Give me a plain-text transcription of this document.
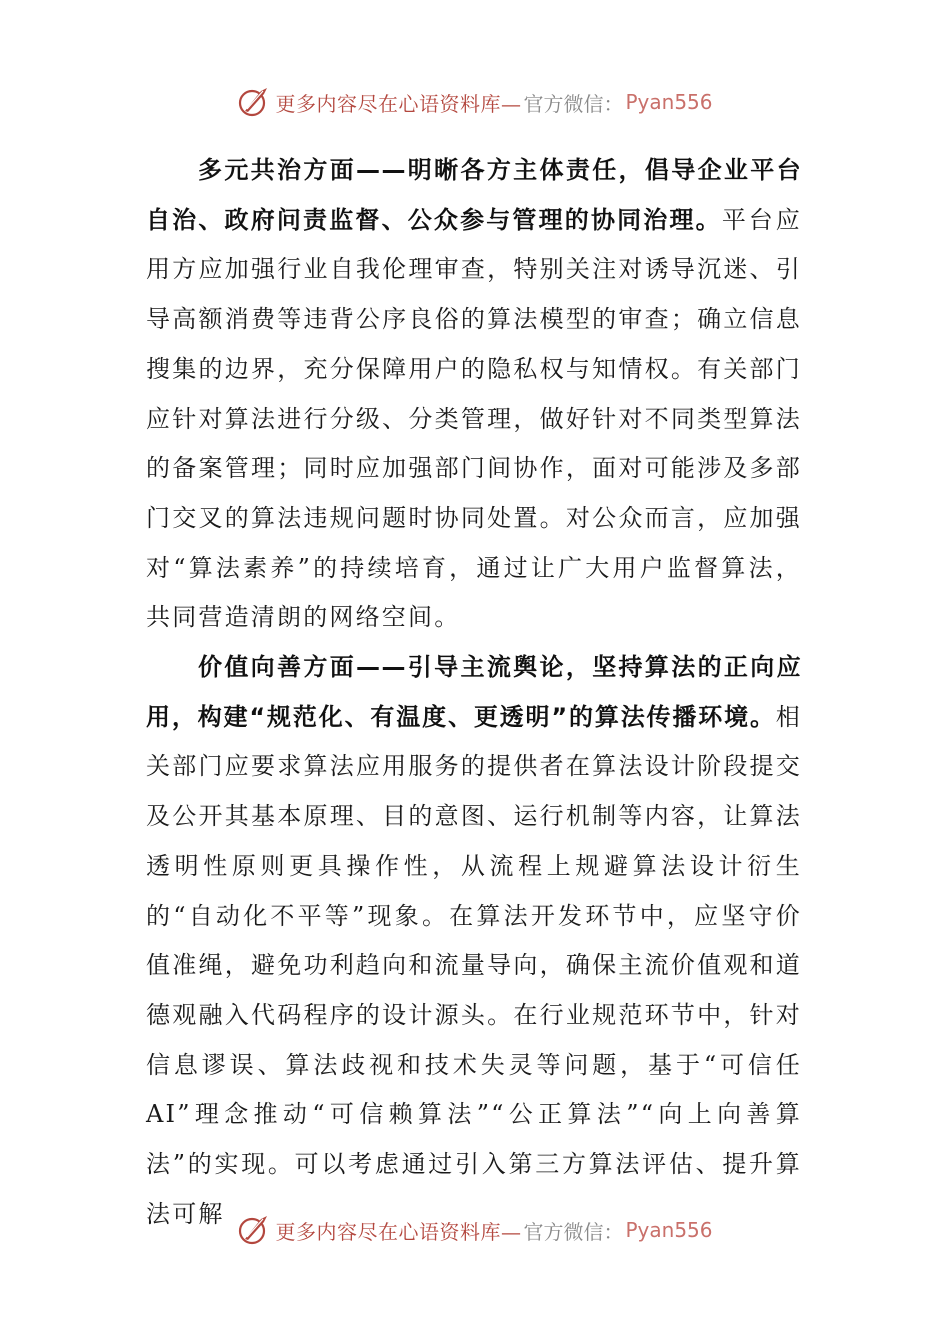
更多内容尽在心语资料库— 官方微信： Pyan556

多元共治方面——明晰各方主体责任，倡导企业平台自治、政府问责监督、公众参与管理的协同治理。平台应用方应加强行业自我伦理审查，特别关注对诱导沉迷、引导高额消费等违背公序良俗的算法模型的审查；确立信息搜集的边界，充分保障用户的隐私权与知情权。有关部门应针对算法进行分级、分类管理，做好针对不同类型算法的备案管理；同时应加强部门间协作，面对可能涉及多部门交叉的算法违规问题时协同处置。对公众而言，应加强对“算法素养”的持续培育，通过让广大用户监督算法，共同营造清朗的网络空间。

价值向善方面——引导主流舆论，坚持算法的正向应用，构建“规范化、有温度、更透明”的算法传播环境。相关部门应要求算法应用服务的提供者在算法设计阶段提交及公开其基本原理、目的意图、运行机制等内容，让算法透明性原则更具操作性，从流程上规避算法设计衍生的“自动化不平等”现象。在算法开发环节中，应坚守价值准绳，避免功利趋向和流量导向，确保主流价值观和道德观融入代码程序的设计源头。在行业规范环节中，针对信息谬误、算法歧视和技术失灵等问题，基于“可信任AI”理念推动“可信赖算法”“公正算法”“向上向善算法”的实现。可以考虑通过引入第三方算法评估、提升算法可解

更多内容尽在心语资料库— 官方微信： Pyan556
